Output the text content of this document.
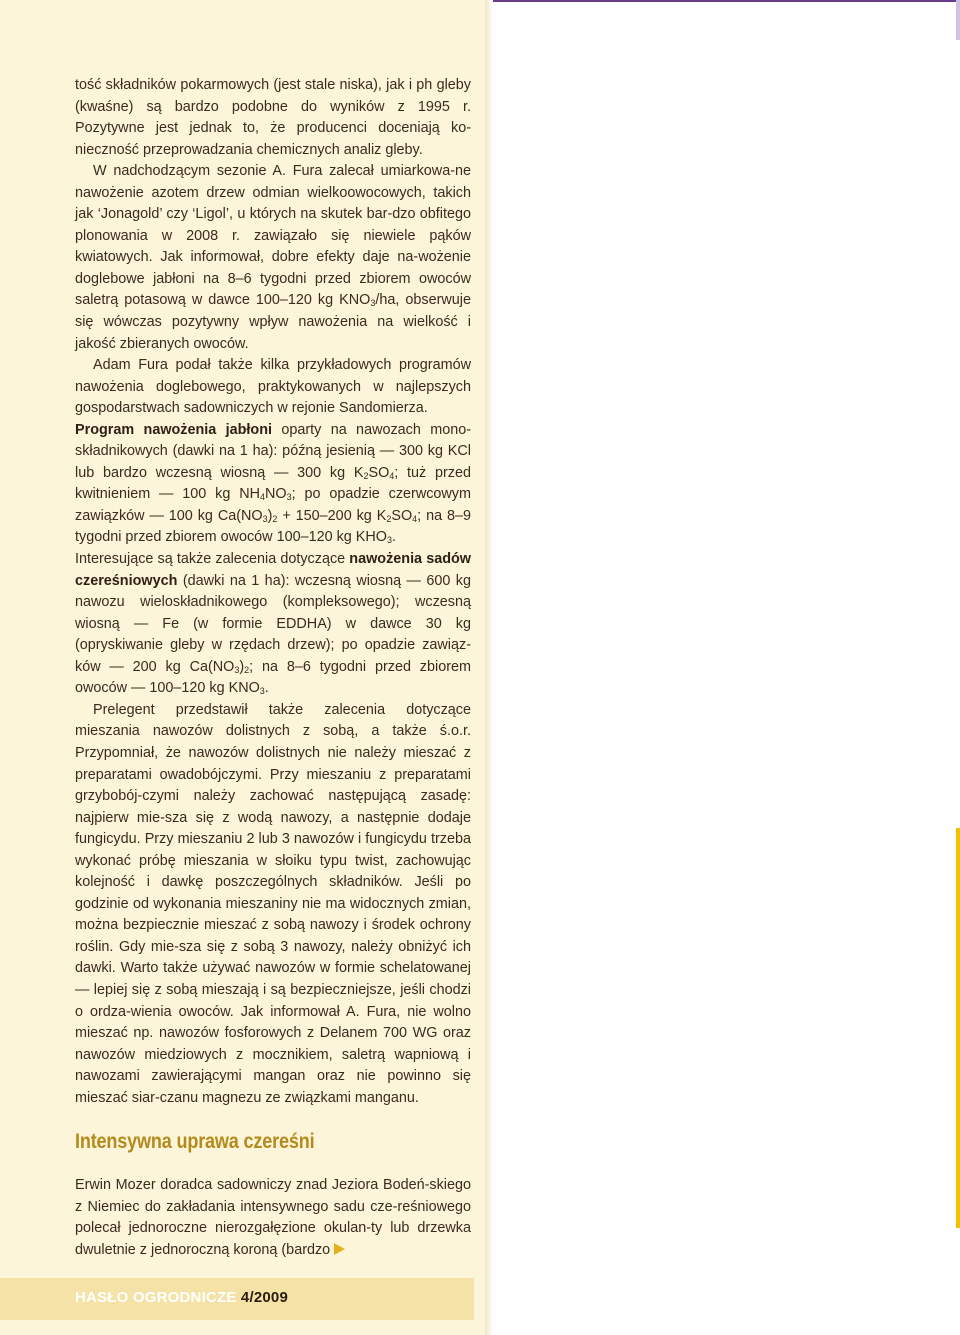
tość składników pokarmowych (jest stale niska), jak i ph gleby (kwaśne) są bardzo podobne do wyników z 1995 r. Pozytywne jest jednak to, że producenci doceniają ko-nieczność przeprowadzania chemicznych analiz gleby.

W nadchodzącym sezonie A. Fura zalecał umiarkowa-ne nawożenie azotem drzew odmian wielkoowocowych, takich jak ‘Jonagold’ czy ‘Ligol’, u których na skutek bar-dzo obfitego plonowania w 2008 r. zawiązało się niewiele pąków kwiatowych. Jak informował, dobre efekty daje na-wożenie doglebowe jabłoni na 8–6 tygodni przed zbiorem owoców saletrą potasową w dawce 100–120 kg $KNO_3/ha$, obserwuje się wówczas pozytywny wpływ nawożenia na wielkość i jakość zbieranych owoców.

Adam Fura podał także kilka przykładowych programów nawożenia doglebowego, praktykowanych w najlepszych gospodarstwach sadowniczych w rejonie Sandomierza.

Program nawożenia jabłoni oparty na nawozach mono-składnikowych (dawki na 1 ha): późną jesienią — 300 kg KCl lub bardzo wczesną wiosną — 300 kg $K_2SO_4$; tuż przed kwitnieniem — 100 kg $NH_4NO_3$; po opadzie czerwcowym zawiązków — 100 kg $Ca(NO_3)_2 + 150-200$ kg $K_2SO_4$; na 8–9 tygodni przed zbiorem owoców 100–120 kg $KHO_3$.

Interesujące są także zalecenia dotyczące nawożenia sadów czereśniowych (dawki na 1 ha): wczesną wiosną — 600 kg nawozu wieloskładnikowego (kompleksowego); wczesną wiosną — Fe (w formie EDDHA) w dawce 30 kg (opryskiwanie gleby w rzędach drzew); po opadzie zawiąz-ków — 200 kg $Ca(NO_3)_2$; na 8–6 tygodni przed zbiorem owoców — 100–120 kg $KNO_3$.

Prelegent przedstawił także zalecenia dotyczące mieszania nawozów dolistnych z sobą, a także ś.o.r. Przypomniał, że nawozów dolistnych nie należy mieszać z preparatami owadobójczymi. Przy mieszaniu z preparatami grzybobój-czymi należy zachować następującą zasadę: najpierw mie-sza się z wodą nawozy, a następnie dodaje fungicydu. Przy mieszaniu 2 lub 3 nawozów i fungicydu trzeba wykonać próbę mieszania w słoiku typu twist, zachowując kolejność i dawkę poszczególnych składników. Jeśli po godzinie od wykonania mieszaniny nie ma widocznych zmian, można bezpiecznie mieszać z sobą nawozy i środek ochrony roślin. Gdy mie-sza się z sobą 3 nawozy, należy obniżyć ich dawki. Warto także używać nawozów w formie schelatowanej — lepiej się z sobą mieszają i są bezpieczniejsze, jeśli chodzi o ordza-wienia owoców. Jak informował A. Fura, nie wolno mieszać np. nawozów fosforowych z Delanem 700 WG oraz nawozów miedziowych z mocznikiem, saletrą wapniową i nawozami zawierającymi mangan oraz nie powinno się mieszać siar-czanu magnezu ze związkami manganu.

Intensywna uprawa czereśni

Erwin Mozer doradca sadowniczy znad Jeziora Bodeń-skiego z Niemiec do zakładania intensywnego sadu cze-reśniowego polecał jednoroczne nierozgałęzione okulan-ty lub drzewka dwuletnie z jednoroczną koroną (bardzo

HASŁO OGRODNICZE 4/2009
